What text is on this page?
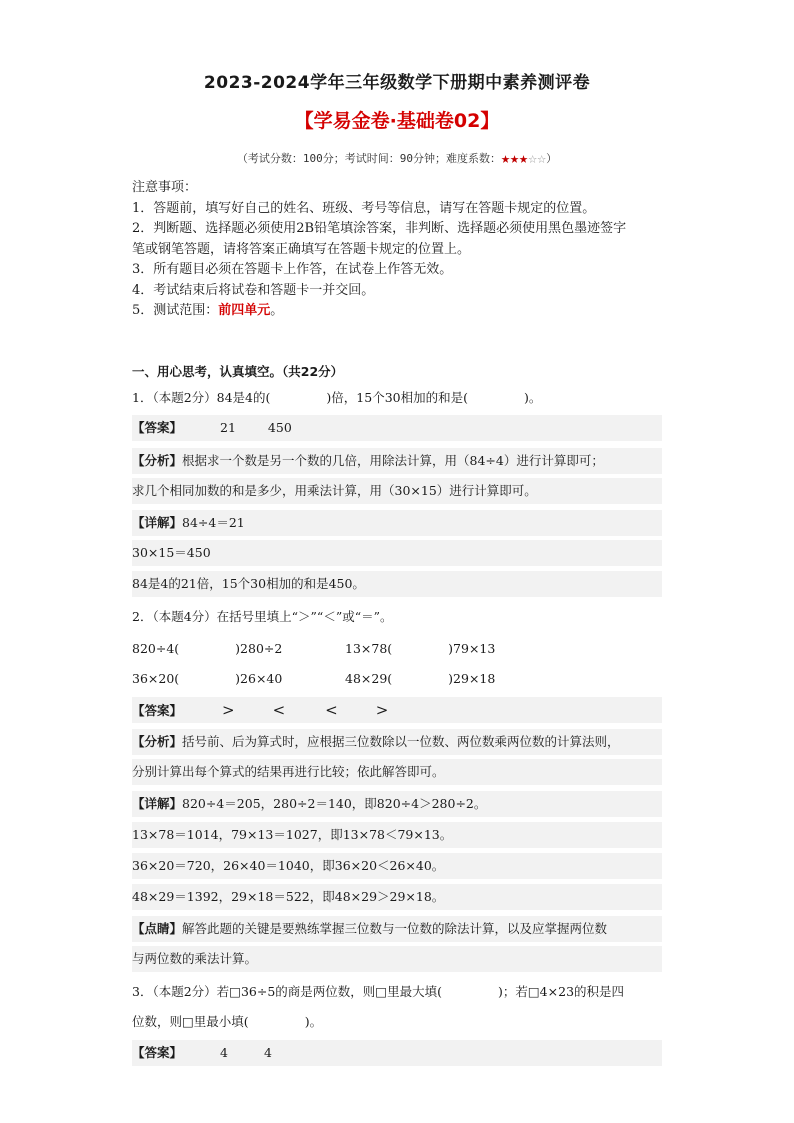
2023-2024学年三年级数学下册期中素养测评卷
【学易金卷·基础卷02】
（考试分数：100分；考试时间：90分钟；难度系数：★★★☆☆）
注意事项：
1．答题前，填写好自己的姓名、班级、考号等信息，请写在答题卡规定的位置。
2．判断题、选择题必须使用2B铅笔填涂答案，非判断、选择题必须使用黑色墨迹签字
笔或钢笔答题，请将答案正确填写在答题卡规定的位置上。
3．所有题目必须在答题卡上作答，在试卷上作答无效。
4．考试结束后将试卷和答题卡一并交回。
5．测试范围：前四单元。
一、用心思考，认真填空。（共22分）
1．（本题2分）84是4的(	)倍，15个30相加的和是(	)。
【答案】	21	450
【分析】根据求一个数是另一个数的几倍，用除法计算，用（84÷4）进行计算即可；
求几个相同加数的和是多少，用乘法计算，用（30×15）进行计算即可。
【详解】84÷4＝21
30×15＝450
84是4的21倍，15个30相加的和是450。
2．（本题4分）在括号里填上“＞”“＜”或“＝”。
820÷4(	)280÷2	13×78(	)79×13
36×20(	)26×40	48×29(	)29×18
【答案】	>	<	<	>
【分析】括号前、后为算式时，应根据三位数除以一位数、两位数乘两位数的计算法则，
分别计算出每个算式的结果再进行比较；依此解答即可。
【详解】820÷4＝205，280÷2＝140，即820÷4＞280÷2。
13×78＝1014，79×13＝1027，即13×78＜79×13。
36×20＝720，26×40＝1040，即36×20＜26×40。
48×29＝1392，29×18＝522，即48×29＞29×18。
【点睛】解答此题的关键是要熟练掌握三位数与一位数的除法计算，以及应掌握两位数
与两位数的乘法计算。
3．（本题2分）若□36÷5的商是两位数，则□里最大填(	)；若□4×23的积是四
位数，则□里最小填(	)。
【答案】	4	4
